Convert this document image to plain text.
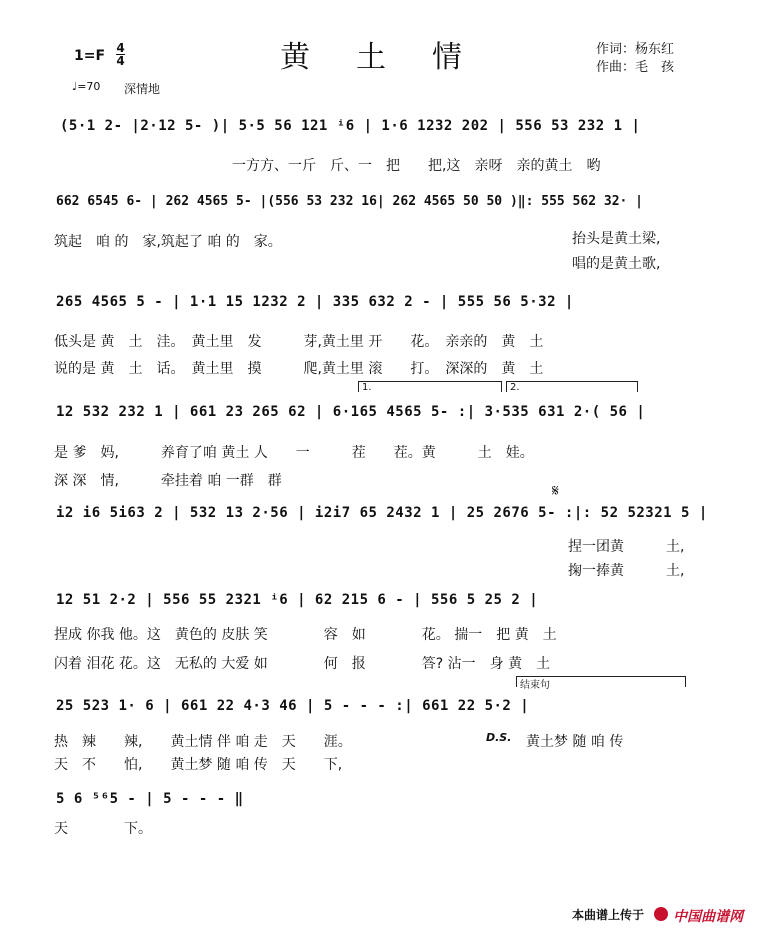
黄土情	作词：杨东红
作曲：毛　孩
1=F 4
4
♩=70 深情地
(5·1 2- |2·12 5- )| 5·5 56 121 ⁱ6 | 1·6 1232 202 | 556 53 232 1 |
一方方、一斤　斤、一　把　　把,这　亲呀　亲的黄土　哟
662 6545 6- | 262 4565 5- |(556 53 232 16| 262 4565 50 50 )‖: 555 562 32· |
筑起　咱 的　家,筑起了 咱 的　家。	抬头是黄土梁,
唱的是黄土歌,
265 4565 5 - | 1·1 15 1232 2 | 335 632 2 - | 555 56 5·32 |
低头是 黄　土　洼。　黄土里　发　　　芽,黄土里 开　　花。　亲亲的　黄　土
说的是 黄　土　话。　黄土里　摸　　　爬,黄土里 滚　　打。　深深的　黄　土
1.	2.
12 532 232 1 | 661 23 265 62 | 6·165 4565 5- :| 3·535 631 2·( 56 |
是 爹　妈,　　　养育了咱 黄土 人　　一　　　茬　　茬。黄　　　土　娃。
深 深　情,　　　牵挂着 咱 一群　群	𝄋
i2 i6 5i63 2 | 532 13 2·56 | i2i7 65 2432 1 | 25 2676 5- :|: 52 52321 5 |
捏一团黄　　　土,
掬一捧黄　　　土,
12 51 2·2 | 556 55 2321 ⁱ6 | 62 215 6 - | 556 5 25 2 |
捏成 你我 他。这　黄色的 皮肤 笑　　　　容　如　　　　花。 揣一　把 黄　土
闪着 泪花 花。这　无私的 大爱 如　　　　何　报　　　　答? 沾一　身 黄　土
结束句
25 523 1· 6 | 661 22 4·3 46 | 5 - - - :| 661 22 5·2 |
热　辣　　辣,　　黄土情 伴 咱 走　天　　涯。	D.S. 黄土梦 随 咱 传
天　不　　怕,　　黄土梦 随 咱 传　天　　下,
5 6 ⁵⁶5 - | 5 - - - ‖
天　　　　下。
本曲谱上传于	中国曲谱网
